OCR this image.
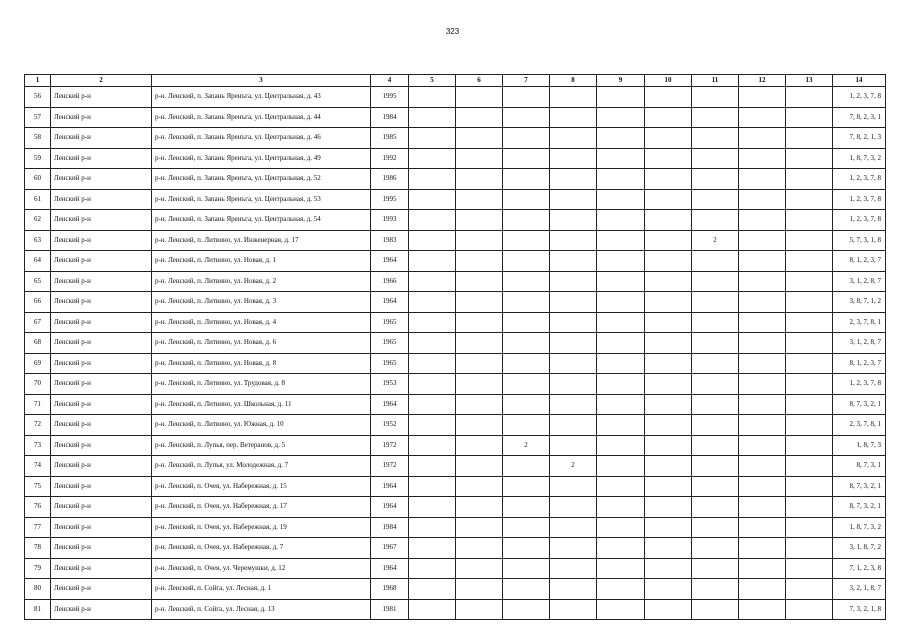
323
1	2	3	4	5	6	7	8	9	10	11	12	13	14
56	Ленский р-н	р-н. Ленский, п. Запань Яренъга, ул. Центральная, д. 43	1995										1, 2, 3, 7, 8
57	Ленский р-н	р-н. Ленский, п. Запань Яренъга, ул. Центральная, д. 44	1984										7, 8, 2, 3, 1
58	Ленский р-н	р-н. Ленский, п. Запань Яренъга, ул. Центральная, д. 46	1985										7, 8, 2, 1, 3
59	Ленский р-н	р-н. Ленский, п. Запань Яренъга, ул. Центральная, д. 49	1992										1, 8, 7, 3, 2
60	Ленский р-н	р-н. Ленский, п. Запань Яренъга, ул. Центральная, д. 52	1986										1, 2, 3, 7, 8
61	Ленский р-н	р-н. Ленский, п. Запань Яренъга, ул. Центральная, д. 53	1995										1, 2, 3, 7, 8
62	Ленский р-н	р-н. Ленский, п. Запань Яренъга, ул. Центральная, д. 54	1993										1, 2, 3, 7, 8
63	Ленский р-н	р-н. Ленский, п. Литвино, ул. Инженерная, д. 17	1983							2			5, 7, 3, 1, 8
64	Ленский р-н	р-н. Ленский, п. Литвино, ул. Новая, д. 1	1964										8, 1, 2, 3, 7
65	Ленский р-н	р-н. Ленский, п. Литвино, ул. Новая, д. 2	1966										3, 1, 2, 8, 7
66	Ленский р-н	р-н. Ленский, п. Литвино, ул. Новая, д. 3	1964										3, 8, 7, 1, 2
67	Ленский р-н	р-н. Ленский, п. Литвино, ул. Новая, д. 4	1965										2, 3, 7, 8, 1
68	Ленский р-н	р-н. Ленский, п. Литвино, ул. Новая, д. 6	1965										3, 1, 2, 8, 7
69	Ленский р-н	р-н. Ленский, п. Литвино, ул. Новая, д. 8	1965										8, 1, 2, 3, 7
70	Ленский р-н	р-н. Ленский, п. Литвино, ул. Трудовая, д. 8	1953										1, 2, 3, 7, 8
71	Ленский р-н	р-н. Ленский, п. Литвино, ул. Школьная, д. 11	1964										8, 7, 3, 2, 1
72	Ленский р-н	р-н. Ленский, п. Литвино, ул. Южная, д. 10	1952										2, 3, 7, 8, 1
73	Ленский р-н	р-н. Ленский, п. Лупья, пер. Ветеранов, д. 5	1972			2							1, 8, 7, 3
74	Ленский р-н	р-н. Ленский, п. Лупья, ул. Молодежная, д. 7	1972				2						8, 7, 3, 1
75	Ленский р-н	р-н. Ленский, п. Очея, ул. Набережная, д. 15	1964										8, 7, 3, 2, 1
76	Ленский р-н	р-н. Ленский, п. Очея, ул. Набережная, д. 17	1964										8, 7, 3, 2, 1
77	Ленский р-н	р-н. Ленский, п. Очея, ул. Набережная, д. 19	1984										1, 8, 7, 3, 2
78	Ленский р-н	р-н. Ленский, п. Очея, ул. Набережная, д. 7	1967										3, 1, 8, 7, 2
79	Ленский р-н	р-н. Ленский, п. Очея, ул. Черемушки, д. 12	1964										7, 1, 2, 3, 8
80	Ленский р-н	р-н. Ленский, п. Сойга, ул. Лесная, д. 1	1968										3, 2, 1, 8, 7
81	Ленский р-н	р-н. Ленский, п. Сойга, ул. Лесная, д. 13	1981										7, 3, 2, 1, 8
